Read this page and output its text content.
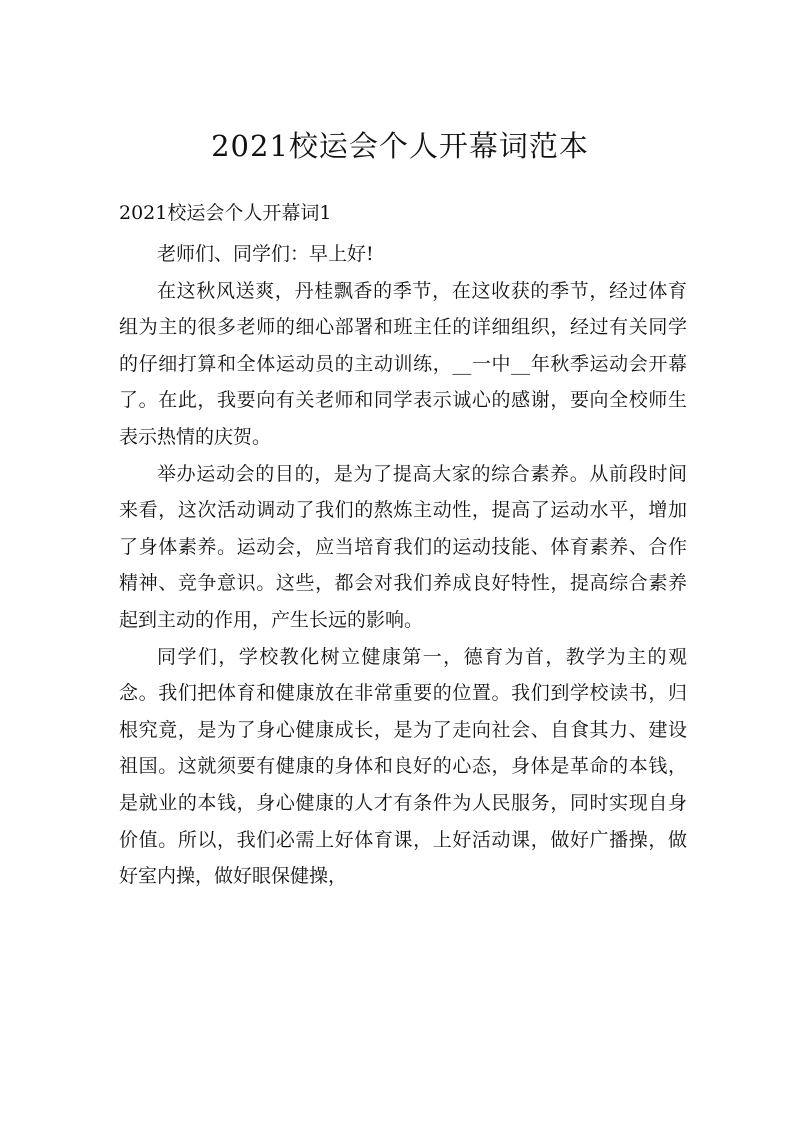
2021校运会个人开幕词范本

2021校运会个人开幕词1

老师们、同学们：早上好!

在这秋风送爽，丹桂飘香的季节，在这收获的季节，经过体育组为主的很多老师的细心部署和班主任的详细组织，经过有关同学的仔细打算和全体运动员的主动训练，__一中__年秋季运动会开幕了。在此，我要向有关老师和同学表示诚心的感谢，要向全校师生表示热情的庆贺。

举办运动会的目的，是为了提高大家的综合素养。从前段时间来看，这次活动调动了我们的熬炼主动性，提高了运动水平，增加了身体素养。运动会，应当培育我们的运动技能、体育素养、合作精神、竞争意识。这些，都会对我们养成良好特性，提高综合素养起到主动的作用，产生长远的影响。

同学们，学校教化树立健康第一，德育为首，教学为主的观念。我们把体育和健康放在非常重要的位置。我们到学校读书，归根究竟，是为了身心健康成长，是为了走向社会、自食其力、建设祖国。这就须要有健康的身体和良好的心态，身体是革命的本钱，是就业的本钱，身心健康的人才有条件为人民服务，同时实现自身价值。所以，我们必需上好体育课，上好活动课，做好广播操，做好室内操，做好眼保健操，
